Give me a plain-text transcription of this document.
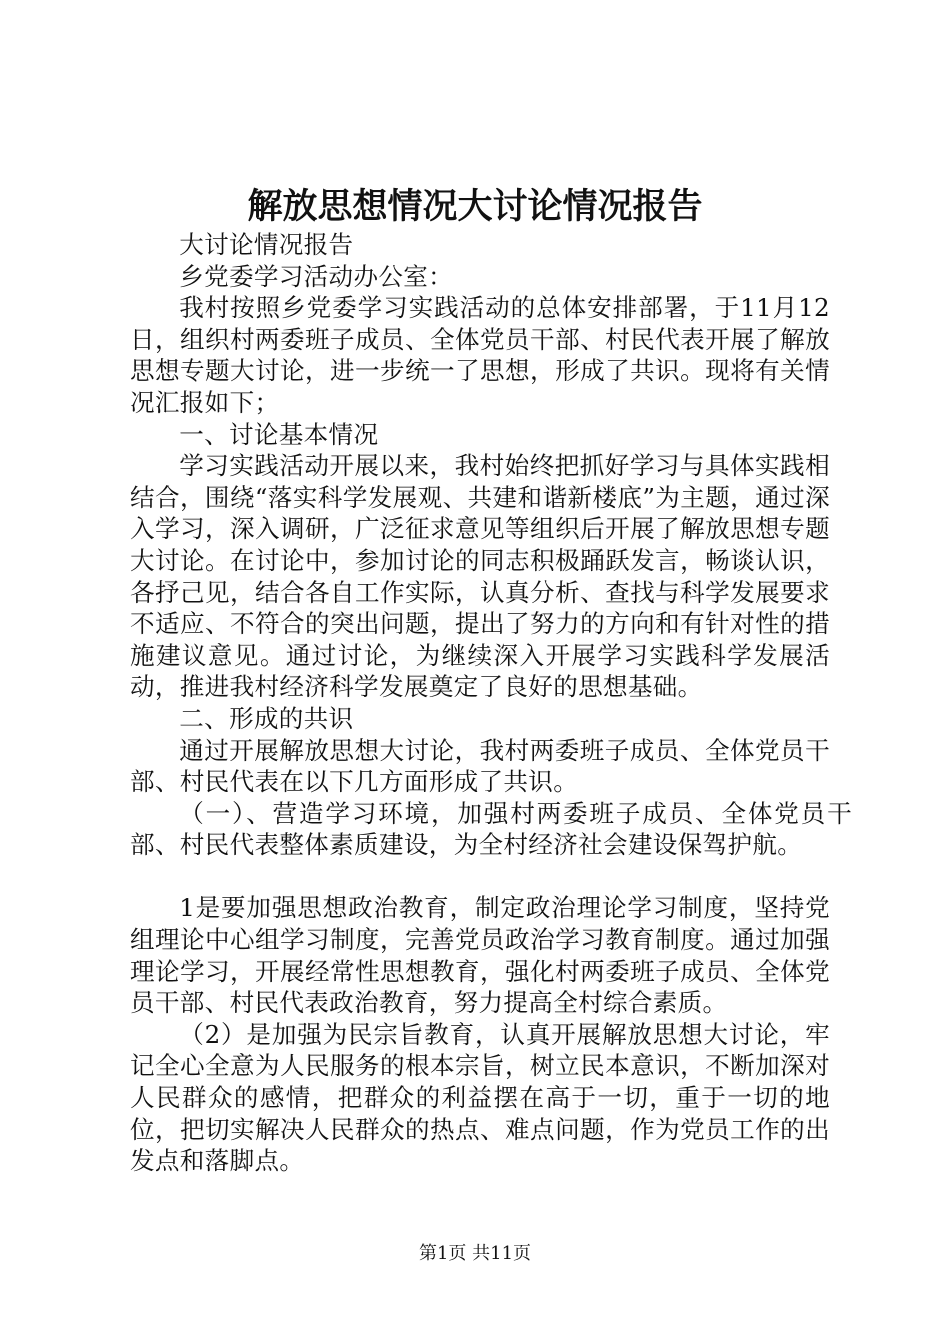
解放思想情况大讨论情况报告

大讨论情况报告

乡党委学习活动办公室：

我村按照乡党委学习实践活动的总体安排部署，于11月12日，组织村两委班子成员、全体党员干部、村民代表开展了解放思想专题大讨论，进一步统一了思想，形成了共识。现将有关情况汇报如下；

一、讨论基本情况

学习实践活动开展以来，我村始终把抓好学习与具体实践相结合，围绕“落实科学发展观、共建和谐新楼底”为主题，通过深入学习，深入调研，广泛征求意见等组织后开展了解放思想专题大讨论。在讨论中，参加讨论的同志积极踊跃发言，畅谈认识，各抒己见，结合各自工作实际，认真分析、查找与科学发展要求不适应、不符合的突出问题，提出了努力的方向和有针对性的措施建议意见。通过讨论，为继续深入开展学习实践科学发展活动，推进我村经济科学发展奠定了良好的思想基础。

二、形成的共识

通过开展解放思想大讨论，我村两委班子成员、全体党员干部、村民代表在以下几方面形成了共识。

（一）、营造学习环境，加强村两委班子成员、全体党员干部、村民代表整体素质建设，为全村经济社会建设保驾护航。

1是要加强思想政治教育，制定政治理论学习制度，坚持党组理论中心组学习制度，完善党员政治学习教育制度。通过加强理论学习，开展经常性思想教育，强化村两委班子成员、全体党员干部、村民代表政治教育，努力提高全村综合素质。

（2）是加强为民宗旨教育，认真开展解放思想大讨论，牢记全心全意为人民服务的根本宗旨，树立民本意识，不断加深对人民群众的感情，把群众的利益摆在高于一切，重于一切的地位，把切实解决人民群众的热点、难点问题，作为党员工作的出发点和落脚点。

第1页 共11页
